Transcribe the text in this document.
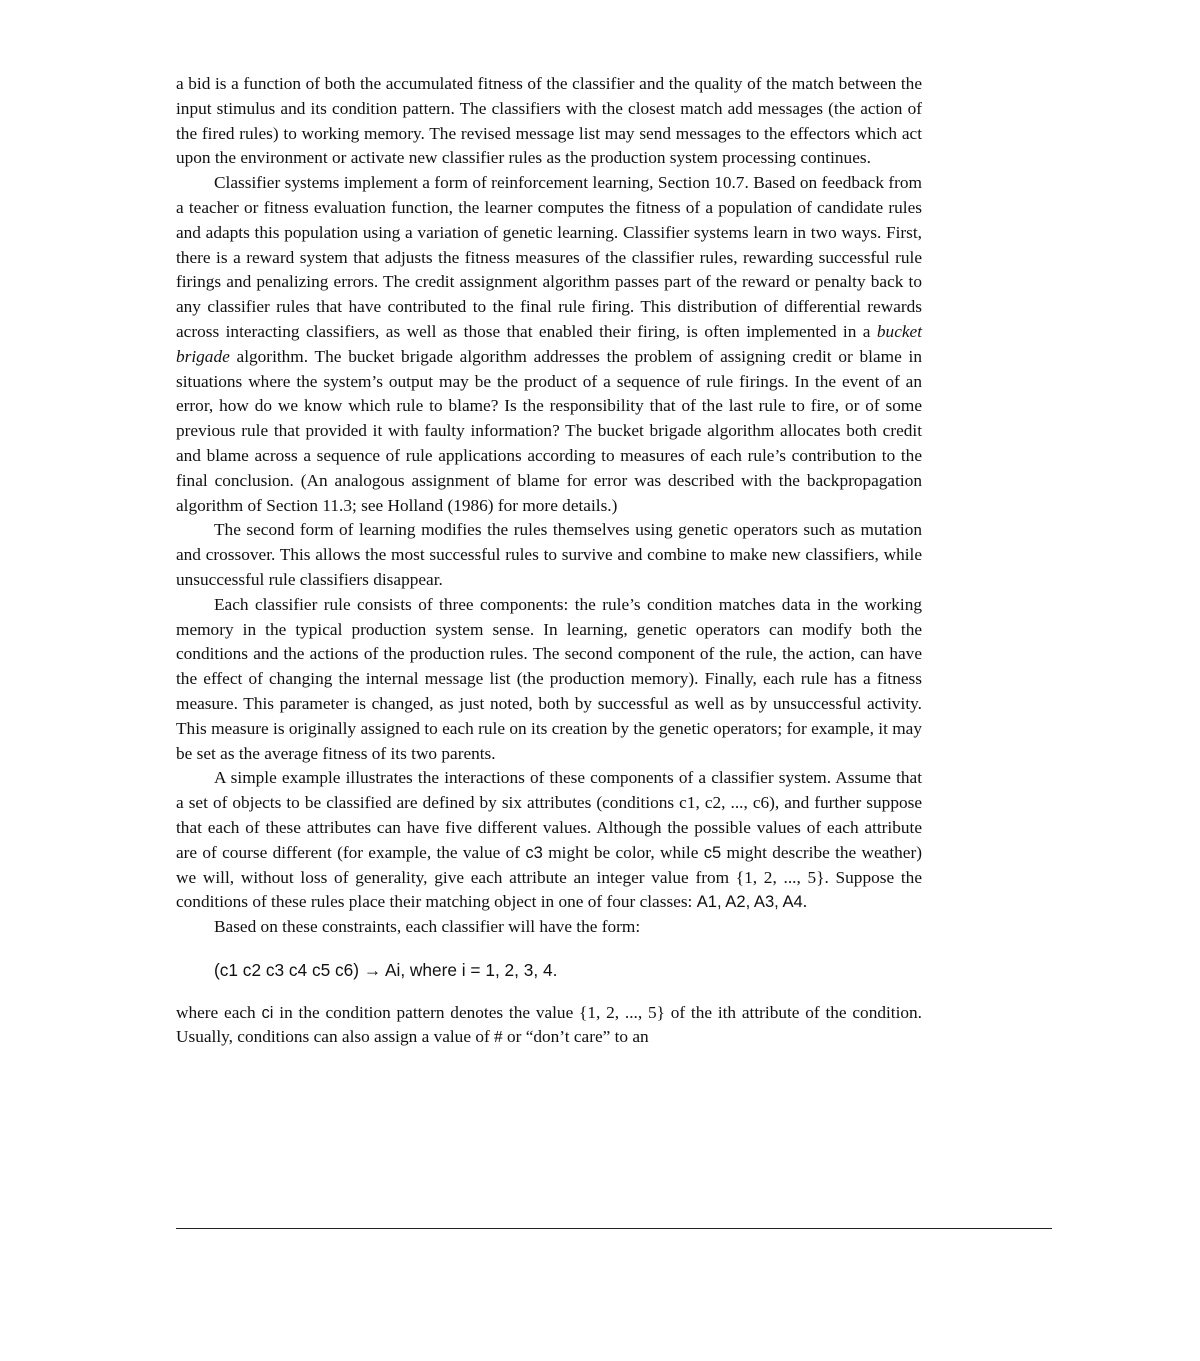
a bid is a function of both the accumulated fitness of the classifier and the quality of the match between the input stimulus and its condition pattern. The classifiers with the closest match add messages (the action of the fired rules) to working memory. The revised message list may send messages to the effectors which act upon the environment or activate new classifier rules as the production system processing continues.

Classifier systems implement a form of reinforcement learning, Section 10.7. Based on feedback from a teacher or fitness evaluation function, the learner computes the fitness of a population of candidate rules and adapts this population using a variation of genetic learning. Classifier systems learn in two ways. First, there is a reward system that adjusts the fitness measures of the classifier rules, rewarding successful rule firings and penalizing errors. The credit assignment algorithm passes part of the reward or penalty back to any classifier rules that have contributed to the final rule firing. This distribution of differential rewards across interacting classifiers, as well as those that enabled their firing, is often implemented in a bucket brigade algorithm. The bucket brigade algorithm addresses the problem of assigning credit or blame in situations where the system’s output may be the product of a sequence of rule firings. In the event of an error, how do we know which rule to blame? Is the responsibility that of the last rule to fire, or of some previous rule that provided it with faulty information? The bucket brigade algorithm allocates both credit and blame across a sequence of rule applications according to measures of each rule’s contribution to the final conclusion. (An analogous assignment of blame for error was described with the backpropagation algorithm of Section 11.3; see Holland (1986) for more details.)

The second form of learning modifies the rules themselves using genetic operators such as mutation and crossover. This allows the most successful rules to survive and combine to make new classifiers, while unsuccessful rule classifiers disappear.

Each classifier rule consists of three components: the rule’s condition matches data in the working memory in the typical production system sense. In learning, genetic operators can modify both the conditions and the actions of the production rules. The second component of the rule, the action, can have the effect of changing the internal message list (the production memory). Finally, each rule has a fitness measure. This parameter is changed, as just noted, both by successful as well as by unsuccessful activity. This measure is originally assigned to each rule on its creation by the genetic operators; for example, it may be set as the average fitness of its two parents.

A simple example illustrates the interactions of these components of a classifier system. Assume that a set of objects to be classified are defined by six attributes (conditions c1, c2, ..., c6), and further suppose that each of these attributes can have five different values. Although the possible values of each attribute are of course different (for example, the value of c3 might be color, while c5 might describe the weather) we will, without loss of generality, give each attribute an integer value from {1, 2, ..., 5}. Suppose the conditions of these rules place their matching object in one of four classes: A1, A2, A3, A4.

Based on these constraints, each classifier will have the form:

(c1 c2 c3 c4 c5 c6) → Ai, where i = 1, 2, 3, 4.

where each ci in the condition pattern denotes the value {1, 2, ..., 5} of the ith attribute of the condition. Usually, conditions can also assign a value of # or “don’t care” to an
